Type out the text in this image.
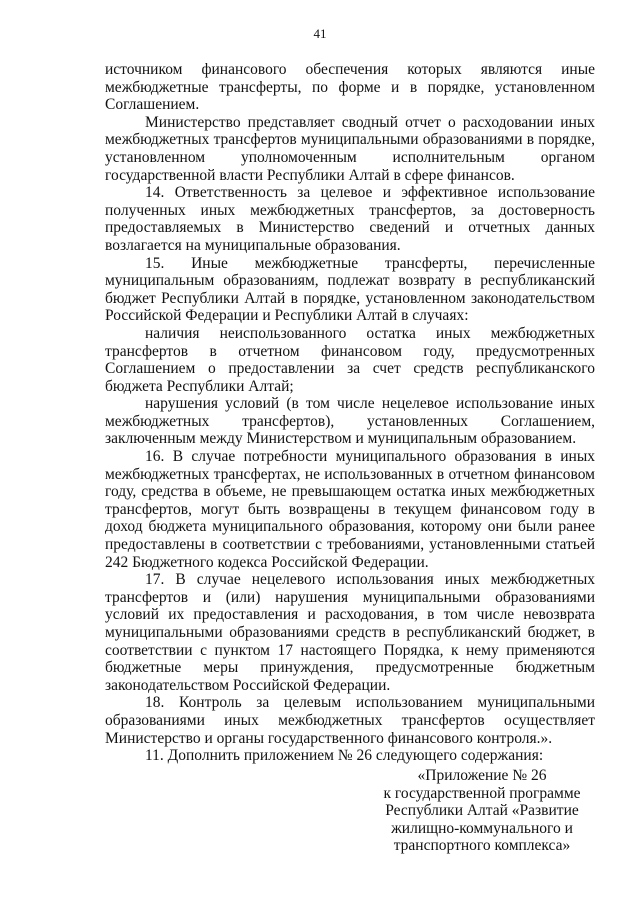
41

источником финансового обеспечения которых являются иные межбюджетные трансферты, по форме и в порядке, установленном Соглашением.

Министерство представляет сводный отчет о расходовании иных межбюджетных трансфертов муниципальными образованиями в порядке, установленном уполномоченным исполнительным органом государственной власти Республики Алтай в сфере финансов.

14. Ответственность за целевое и эффективное использование полученных иных межбюджетных трансфертов, за достоверность предоставляемых в Министерство сведений и отчетных данных возлагается на муниципальные образования.

15. Иные межбюджетные трансферты, перечисленные муниципальным образованиям, подлежат возврату в республиканский бюджет Республики Алтай в порядке, установленном законодательством Российской Федерации и Республики Алтай в случаях:

наличия неиспользованного остатка иных межбюджетных трансфертов в отчетном финансовом году, предусмотренных Соглашением о предоставлении за счет средств республиканского бюджета Республики Алтай;

нарушения условий (в том числе нецелевое использование иных межбюджетных трансфертов), установленных Соглашением, заключенным между Министерством и муниципальным образованием.

16. В случае потребности муниципального образования в иных межбюджетных трансфертах, не использованных в отчетном финансовом году, средства в объеме, не превышающем остатка иных межбюджетных трансфертов, могут быть возвращены в текущем финансовом году в доход бюджета муниципального образования, которому они были ранее предоставлены в соответствии с требованиями, установленными статьей 242 Бюджетного кодекса Российской Федерации.

17. В случае нецелевого использования иных межбюджетных трансфертов и (или) нарушения муниципальными образованиями условий их предоставления и расходования, в том числе невозврата муниципальными образованиями средств в республиканский бюджет, в соответствии с пунктом 17 настоящего Порядка, к нему применяются бюджетные меры принуждения, предусмотренные бюджетным законодательством Российской Федерации.

18. Контроль за целевым использованием муниципальными образованиями иных межбюджетных трансфертов осуществляет Министерство и органы государственного финансового контроля.».

11. Дополнить приложением № 26 следующего содержания:

«Приложение № 26
к государственной программе
Республики Алтай «Развитие
жилищно-коммунального и
транспортного комплекса»
